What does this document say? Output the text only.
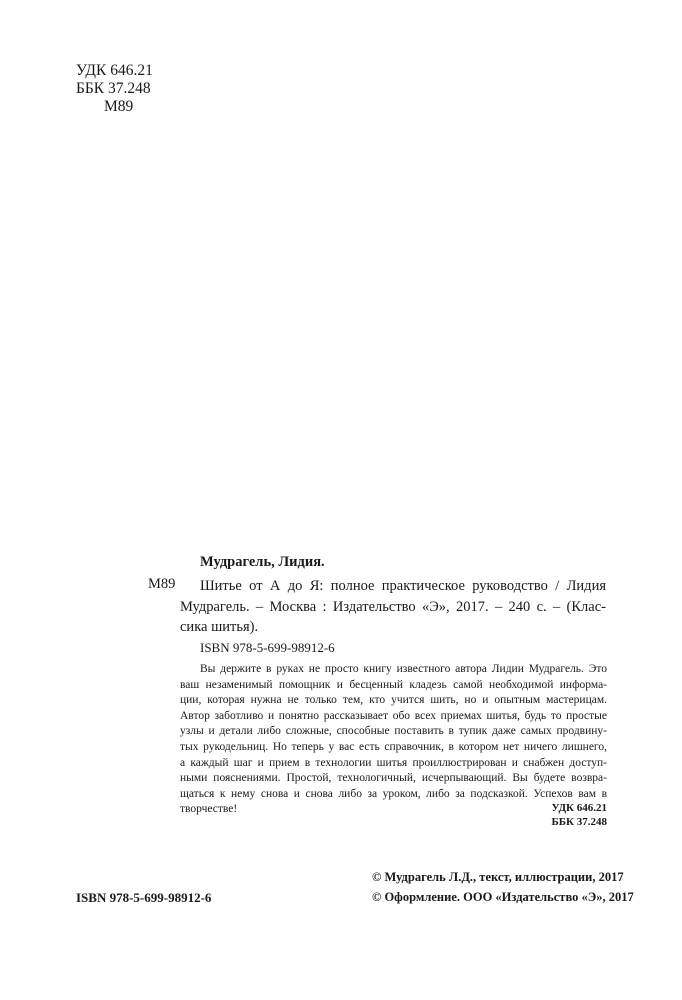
УДК 646.21
ББК 37.248
М89
Мудрагель, Лидия.
М89 Шитье от А до Я: полное практическое руководство / Лидия
Мудрагель. – Москва : Издательство «Э», 2017. – 240 с. – (Клас-
сика шитья).
ISBN 978-5-699-98912-6
Вы держите в руках не просто книгу известного автора Лидии Мудрагель. Это
ваш незаменимый помощник и бесценный кладезь самой необходимой информа-
ции, которая нужна не только тем, кто учится шить, но и опытным мастерицам.
Автор заботливо и понятно рассказывает обо всех приемах шитья, будь то простые
узлы и детали либо сложные, способные поставить в тупик даже самых продвину-
тых рукодельниц. Но теперь у вас есть справочник, в котором нет ничего лишнего,
а каждый шаг и прием в технологии шитья проиллюстрирован и снабжен доступ-
ными пояснениями. Простой, технологичный, исчерпывающий. Вы будете возвра-
щаться к нему снова и снова либо за уроком, либо за подсказкой. Успехов вам в
творчестве!	УДК 646.21
ББК 37.248
ISBN 978-5-699-98912-6
© Мудрагель Л.Д., текст, иллюстрации, 2017
© Оформление. ООО «Издательство «Э», 2017
